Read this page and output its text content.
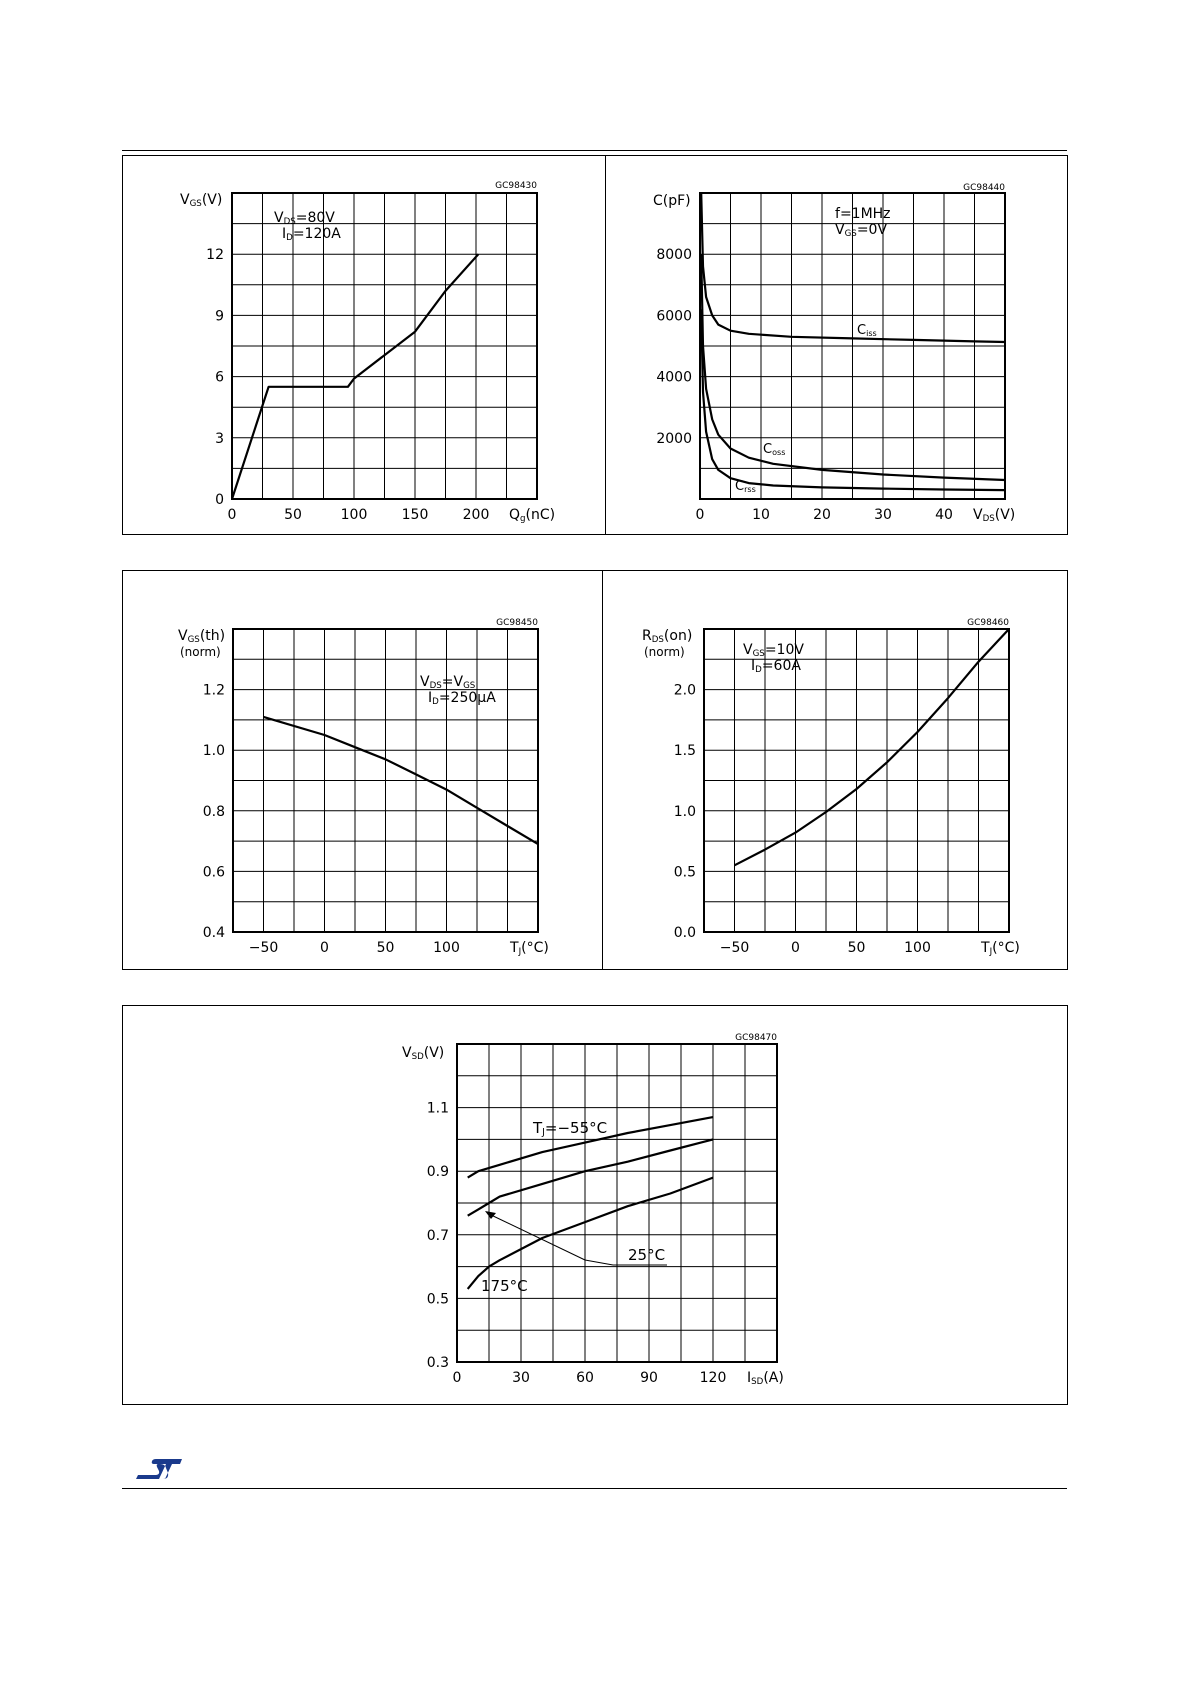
GC98430
0
3
6
9
12
0	50	100 150 200
VGS(V)
Qg(nC)
VDS=80V
ID=120A
GC98440
2000
4000
6000
8000
0	10	20	30	40
C(pF)
VDS(V)
f=1MHz
VGS=0V
GC98450
0.4
0.6
0.8
1.0
1.2
−50	0	50	100
VGS(th)
(norm)
TJ(°C)
VDS=VGS
ID=250μA
GC98460
0.0
0.5
1.0
1.5
2.0
−50	0	50	100
RDS(on)
(norm)
TJ(°C)
VGS=10V
ID=60A
GC98470
0.3
0.5
0.7
0.9
1.1
0	30	60	90	120
VSD(V)
ISD(A)
Ciss
Coss
Crss
TJ=−55°C
25°C
175°C
